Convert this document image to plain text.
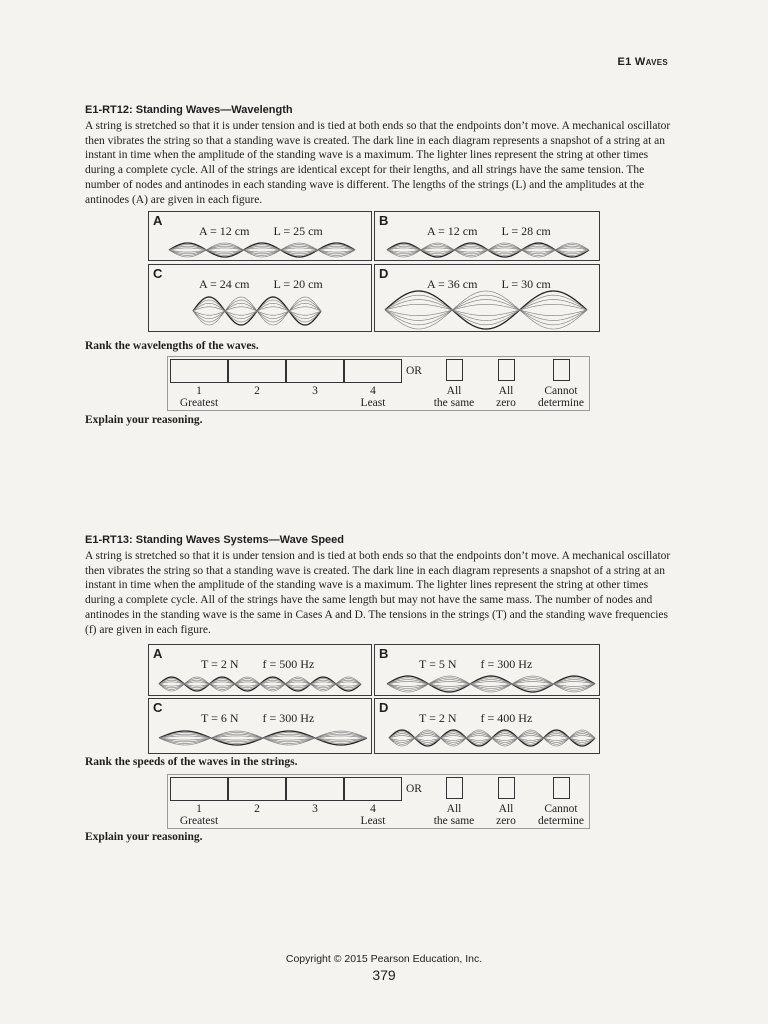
E1 Waves
E1-RT12: Standing Waves—Wavelength
A string is stretched so that it is under tension and is tied at both ends so that the endpoints don’t move. A mechanical oscillator then vibrates the string so that a standing wave is created. The dark line in each diagram represents a snapshot of a string at an instant in time when the amplitude of the standing wave is a maximum. The lighter lines represent the string at other times during a complete cycle. All of the strings are identical except for their lengths, and all strings have the same tension. The number of nodes and antinodes in each standing wave is different. The lengths of the strings (L) and the amplitudes at the antinodes (A) are given in each figure.
A
A = 12 cm L = 25 cm
B
A = 12 cm L = 28 cm
C
A = 24 cm L = 20 cm
D
A = 36 cm L = 30 cm
Rank the wavelengths of the waves.
1
Greatest
2	3	4
Least
OR
All
the same
All
zero
Cannot
determine
Explain your reasoning.
E1-RT13: Standing Waves Systems—Wave Speed
A string is stretched so that it is under tension and is tied at both ends so that the endpoints don’t move. A mechanical oscillator then vibrates the string so that a standing wave is created. The dark line in each diagram represents a snapshot of a string at an instant in time when the amplitude of the standing wave is a maximum. The lighter lines represent the string at other times during a complete cycle. All of the strings have the same length but may not have the same mass. The number of nodes and antinodes in the standing wave is the same in Cases A and D. The tensions in the strings (T) and the standing wave frequencies (f) are given in each figure.
A
T = 2 N f = 500 Hz
B
T = 5 N f = 300 Hz
C
T = 6 N f = 300 Hz
D
T = 2 N f = 400 Hz
Rank the speeds of the waves in the strings.
1
Greatest
2	3	4
Least
OR
All
the same
All
zero
Cannot
determine
Explain your reasoning.
Copyright © 2015 Pearson Education, Inc.
379
